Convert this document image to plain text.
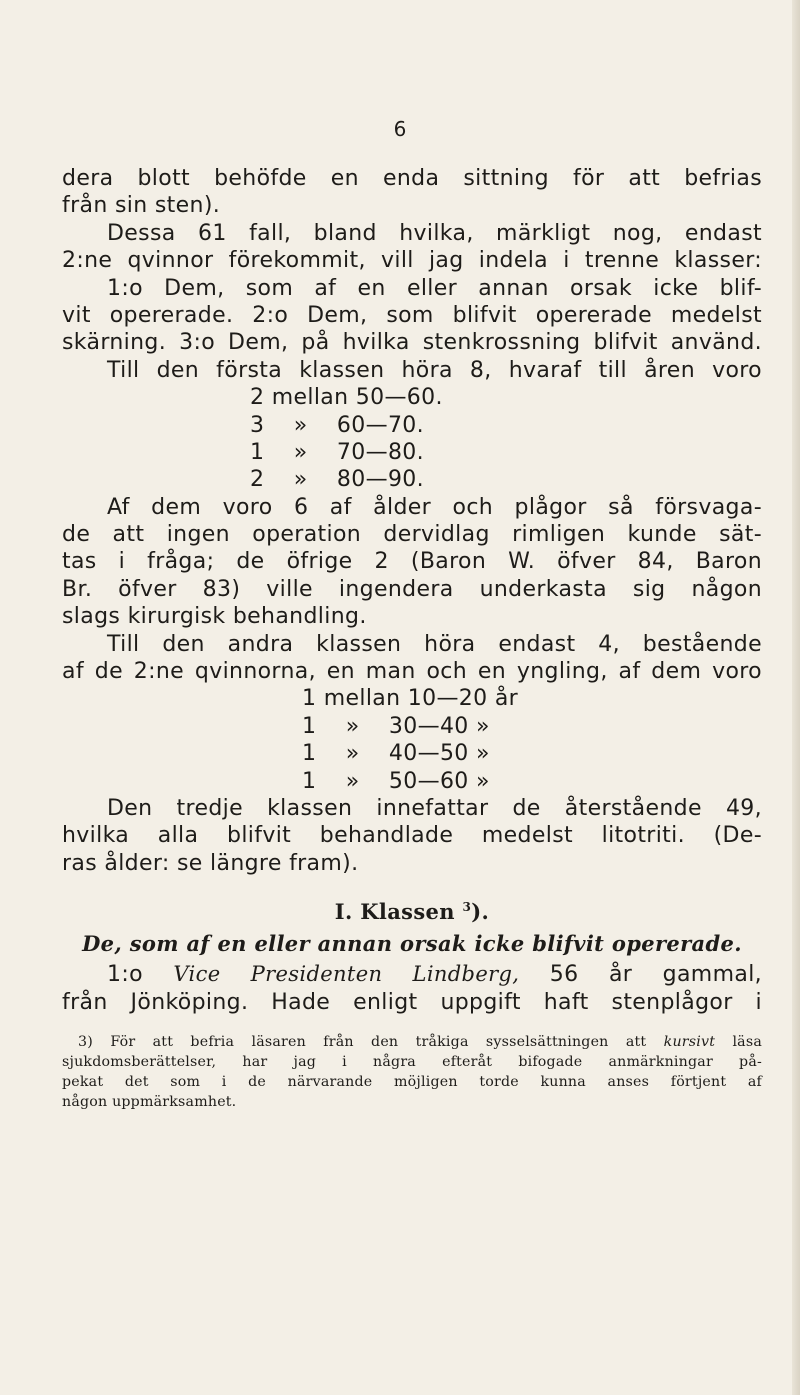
6
dera blott behöfde en enda sittning för att befrias
från sin sten).
Dessa 61 fall, bland hvilka, märkligt nog, endast
2:ne qvinnor förekommit, vill jag indela i trenne klasser:
1:o Dem, som af en eller annan orsak icke blif-
vit opererade. 2:o Dem, som blifvit opererade medelst
skärning. 3:o Dem, på hvilka stenkrossning blifvit använd.
Till den första klassen höra 8, hvaraf till åren voro
2 mellan 50—60.
3    »    60—70.
1    »    70—80.
2    »    80—90.
Af dem voro 6 af ålder och plågor så försvaga-
de att ingen operation dervidlag rimligen kunde sät-
tas i fråga; de öfrige 2 (Baron W. öfver 84, Baron
Br. öfver 83) ville ingendera underkasta sig någon
slags kirurgisk behandling.
Till den andra klassen höra endast 4, bestående
af de 2:ne qvinnorna, en man och en yngling, af dem voro
1 mellan 10—20 år
1    »    30—40 »
1    »    40—50 »
1    »    50—60 »
Den tredje klassen innefattar de återstående 49,
hvilka alla blifvit behandlade medelst litotriti. (De-
ras ålder: se längre fram).
I. Klassen $^3$).
De, som af en eller annan orsak icke blifvit opererade.
1:o Vice Presidenten Lindberg, 56 år gammal,
från Jönköping. Hade enligt uppgift haft stenplågor i
3) För att befria läsaren från den tråkiga sysselsättningen att kursivt läsa
sjukdomsberättelser, har jag i några efteråt bifogade anmärkningar på-
pekat det som i de närvarande möjligen torde kunna anses förtjent af
någon uppmärksamhet.
